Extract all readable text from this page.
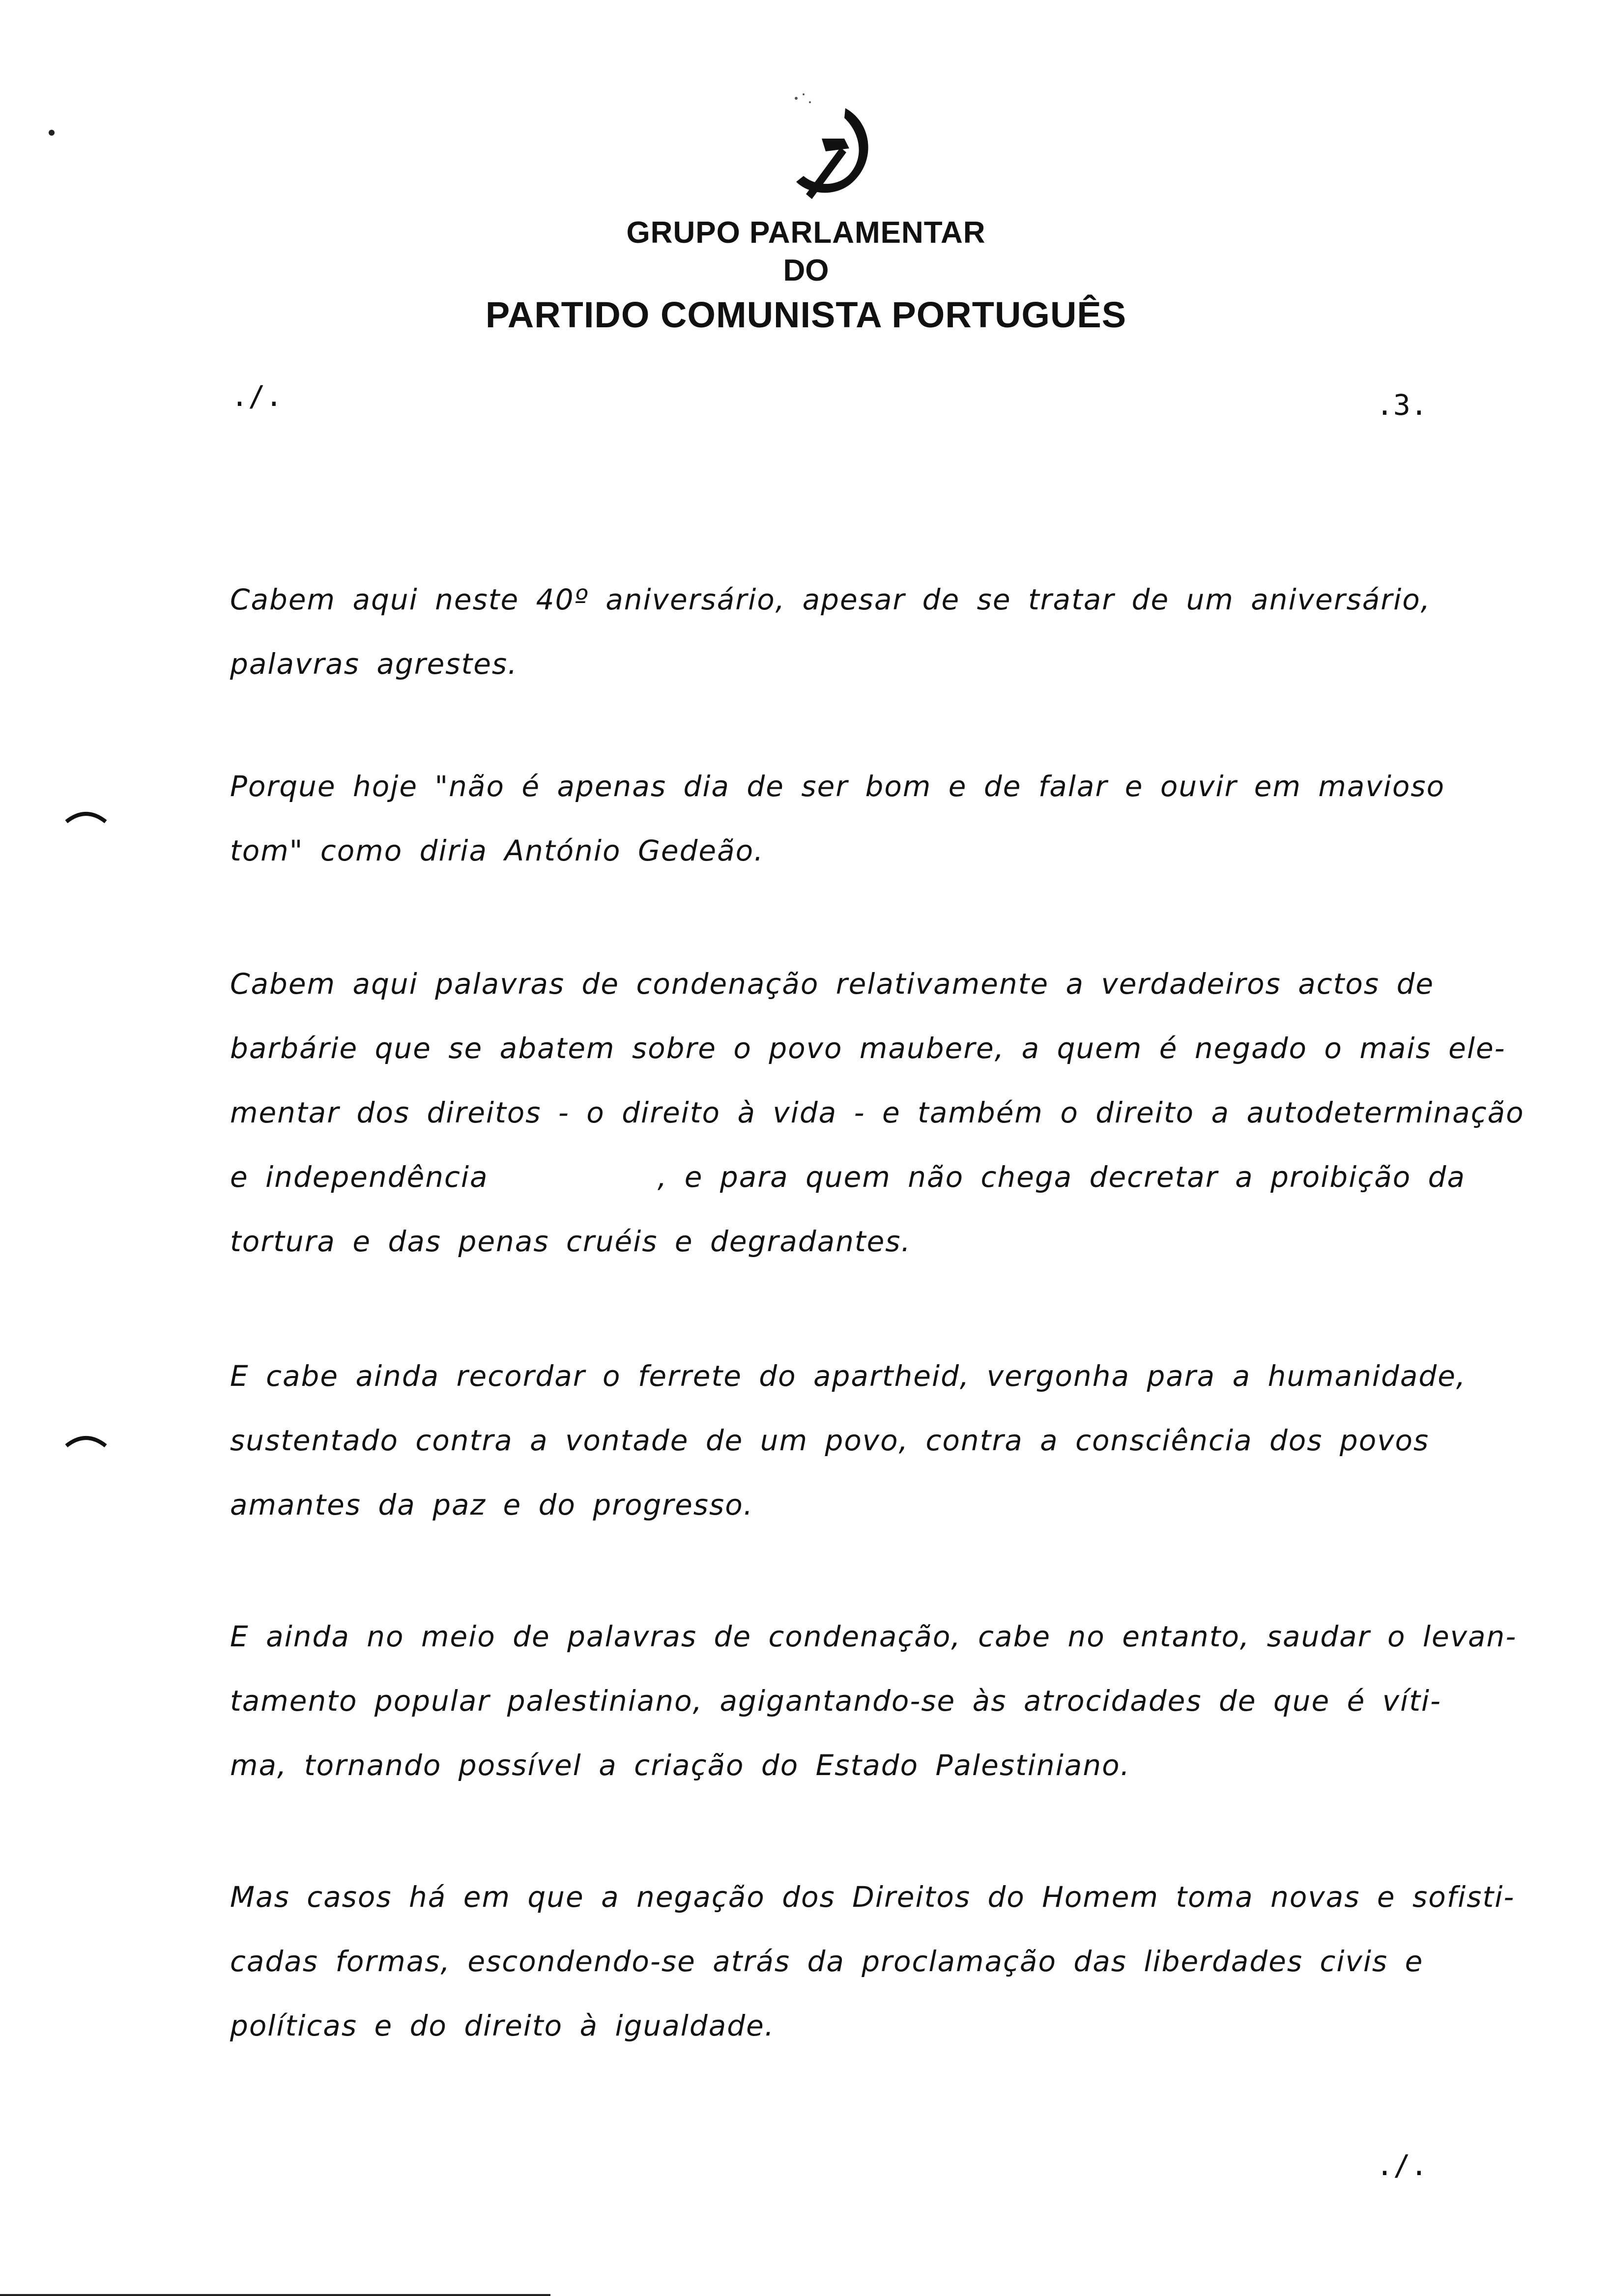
GRUPO PARLAMENTAR
DO
PARTIDO COMUNISTA PORTUGUÊS
./.	.3.
Cabem aqui neste 40º aniversário, apesar de se tratar de um aniversário,
palavras agrestes.
Porque hoje "não é apenas dia de ser bom e de falar e ouvir em mavioso
tom" como diria António Gedeão.
Cabem aqui palavras de condenação relativamente a verdadeiros actos de
barbárie que se abatem sobre o povo maubere, a quem é negado o mais ele-
mentar dos direitos - o direito à vida - e também o direito a autodeterminação
e independência          , e para quem não chega decretar a proibição da
tortura e das penas cruéis e degradantes.
E cabe ainda recordar o ferrete do apartheid, vergonha para a humanidade,
sustentado contra a vontade de um povo, contra a consciência dos povos
amantes da paz e do progresso.
E ainda no meio de palavras de condenação, cabe no entanto, saudar o levan-
tamento popular palestiniano, agigantando-se às atrocidades de que é víti-
ma, tornando possível a criação do Estado Palestiniano.
Mas casos há em que a negação dos Direitos do Homem toma novas e sofisti-
cadas formas, escondendo-se atrás da proclamação das liberdades civis e
políticas e do direito à igualdade.
./.
